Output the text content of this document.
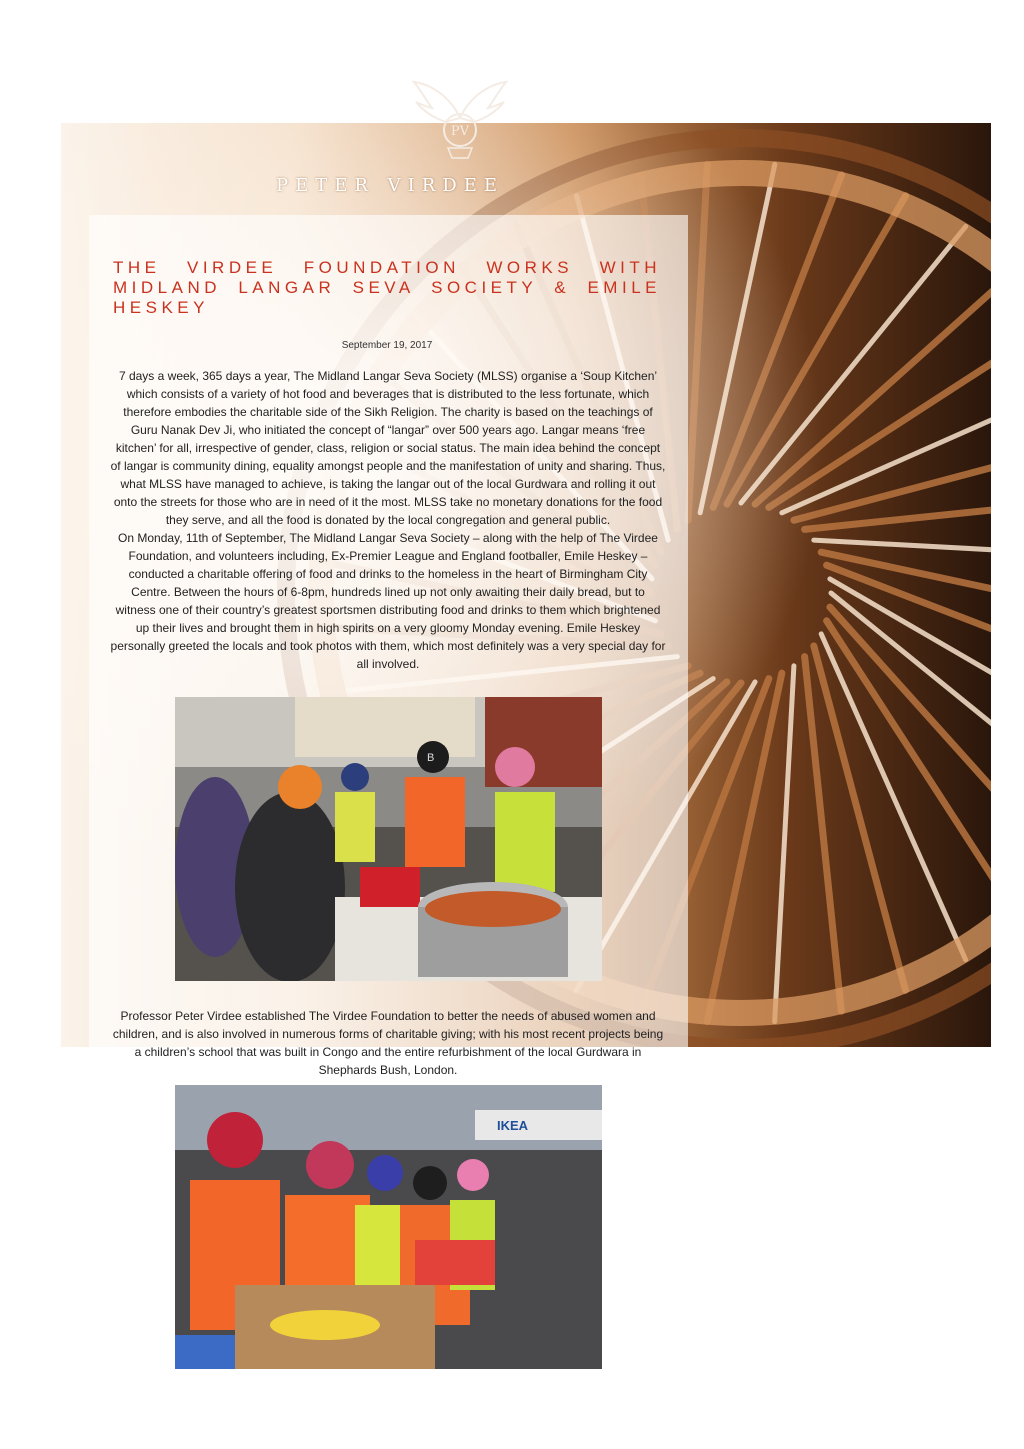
PV
PETER VIRDEE
THE VIRDEE FOUNDATION WORKS WITH MIDLAND LANGAR SEVA SOCIETY & EMILE HESKEY
September 19, 2017

7 days a week, 365 days a year, The Midland Langar Seva Society (MLSS) organise a ‘Soup Kitchen’ which consists of a variety of hot food and beverages that is distributed to the less fortunate, which therefore embodies the charitable side of the Sikh Religion. The charity is based on the teachings of Guru Nanak Dev Ji, who initiated the concept of “langar” over 500 years ago. Langar means ‘free kitchen’ for all, irrespective of gender, class, religion or social status. The main idea behind the concept of langar is community dining, equality amongst people and the manifestation of unity and sharing. Thus, what MLSS have managed to achieve, is taking the langar out of the local Gurdwara and rolling it out onto the streets for those who are in need of it the most. MLSS take no monetary donations for the food they serve, and all the food is donated by the local congregation and general public.

On Monday, 11th of September, The Midland Langar Seva Society – along with the help of The Virdee Foundation, and volunteers including, Ex-Premier League and England footballer, Emile Heskey – conducted a charitable offering of food and drinks to the homeless in the heart of Birmingham City Centre. Between the hours of 6-8pm, hundreds lined up not only awaiting their daily bread, but to witness one of their country’s greatest sportsmen distributing food and drinks to them which brightened up their lives and brought them in high spirits on a very gloomy Monday evening. Emile Heskey personally greeted the locals and took photos with them, which most definitely was a very special day for all involved.

B

Professor Peter Virdee established The Virdee Foundation to better the needs of abused women and children, and is also involved in numerous forms of charitable giving; with his most recent projects being a children’s school that was built in Congo and the entire refurbishment of the local Gurdwara in Shephards Bush, London.

IKEA
